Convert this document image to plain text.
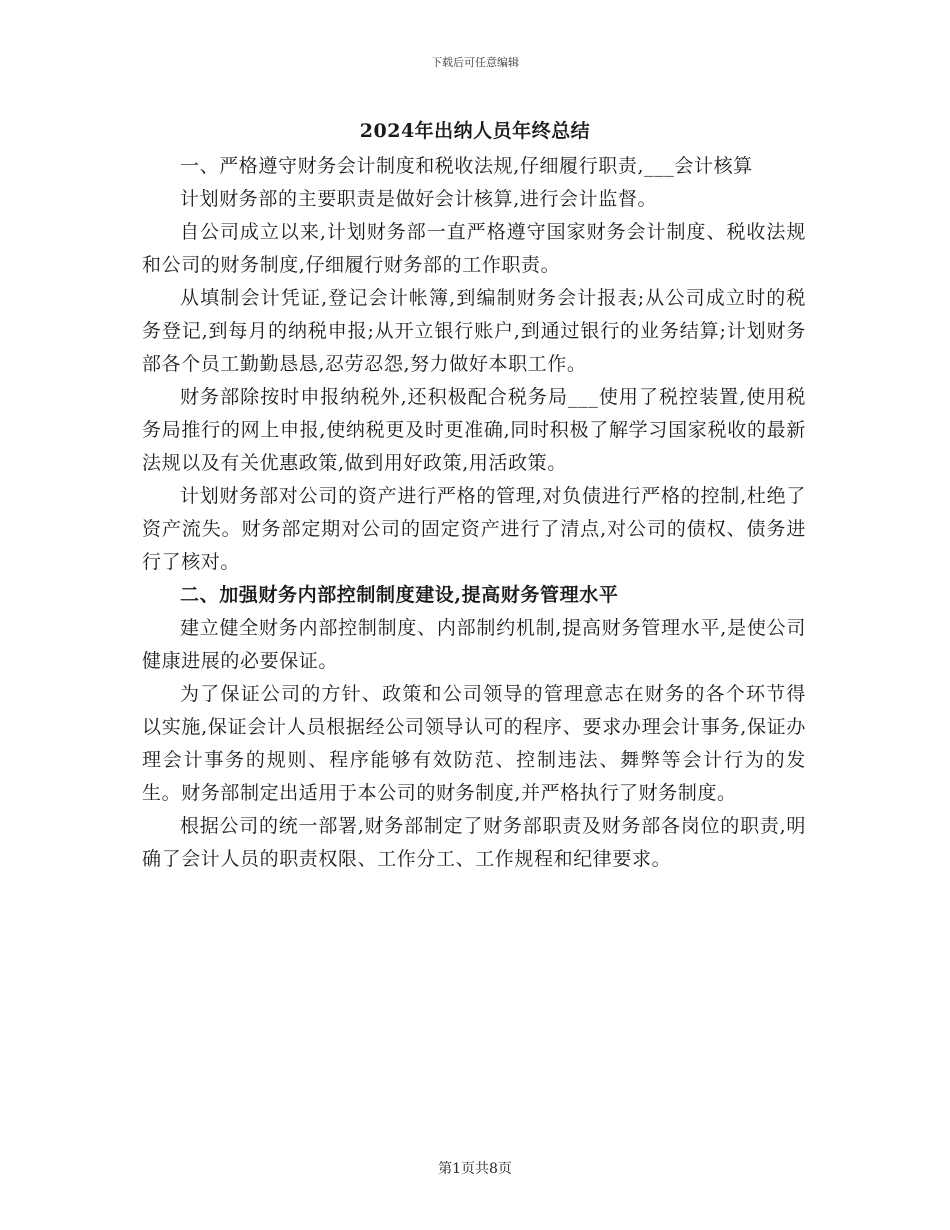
下载后可任意编辑
2024年出纳人员年终总结

一、严格遵守财务会计制度和税收法规,仔细履行职责,___会计核算

计划财务部的主要职责是做好会计核算,进行会计监督。

自公司成立以来,计划财务部一直严格遵守国家财务会计制度、税收法规和公司的财务制度,仔细履行财务部的工作职责。

从填制会计凭证,登记会计帐簿,到编制财务会计报表;从公司成立时的税务登记,到每月的纳税申报;从开立银行账户,到通过银行的业务结算;计划财务部各个员工勤勤恳恳,忍劳忍怨,努力做好本职工作。

财务部除按时申报纳税外,还积极配合税务局___使用了税控装置,使用税务局推行的网上申报,使纳税更及时更准确,同时积极了解学习国家税收的最新法规以及有关优惠政策,做到用好政策,用活政策。

计划财务部对公司的资产进行严格的管理,对负债进行严格的控制,杜绝了资产流失。财务部定期对公司的固定资产进行了清点,对公司的债权、债务进行了核对。

二、加强财务内部控制制度建设,提高财务管理水平

建立健全财务内部控制制度、内部制约机制,提高财务管理水平,是使公司健康进展的必要保证。

为了保证公司的方针、政策和公司领导的管理意志在财务的各个环节得以实施,保证会计人员根据经公司领导认可的程序、要求办理会计事务,保证办理会计事务的规则、程序能够有效防范、控制违法、舞弊等会计行为的发生。财务部制定出适用于本公司的财务制度,并严格执行了财务制度。

根据公司的统一部署,财务部制定了财务部职责及财务部各岗位的职责,明确了会计人员的职责权限、工作分工、工作规程和纪律要求。

第1页共8页
